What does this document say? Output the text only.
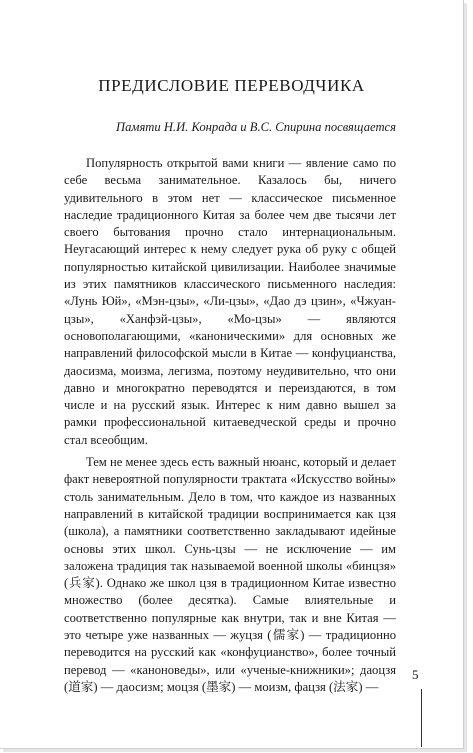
ПРЕДИСЛОВИЕ ПЕРЕВОДЧИКА

Памяти Н.И. Конрада и В.С. Спирина посвящается

Популярность открытой вами книги — явление само по себе весьма занимательное. Казалось бы, ничего удивительного в этом нет — классическое письменное наследие традиционного Китая за более чем две тысячи лет своего бытования прочно стало интернациональным. Неугасающий интерес к нему следует рука об руку с общей популярностью китайской цивилизации. Наиболее значимые из этих памятников классического письменного наследия: «Лунь Юй», «Мэн-цзы», «Ли-цзы», «Дао дэ цзин», «Чжуан-цзы», «Ханфэй-цзы», «Мо-цзы» — являются основополагающими, «каноническими» для основных же направлений философской мысли в Китае — конфуцианства, даосизма, моизма, легизма, поэтому неудивительно, что они давно и многократно переводятся и переиздаются, в том числе и на русский язык. Интерес к ним давно вышел за рамки профессиональной китаеведческой среды и прочно стал всеобщим.

Тем не менее здесь есть важный нюанс, который и делает факт невероятной популярности трактата «Искусство войны» столь занимательным. Дело в том, что каждое из названных направлений в китайской традиции воспринимается как цзя (школа), а памятники соответственно закладывают идейные основы этих школ. Сунь-цзы — не исключение — им заложена традиция так называемой военной школы «бинцзя» (兵家). Однако же школ цзя в традиционном Китае известно множество (более десятка). Самые влиятельные и соответственно популярные как внутри, так и вне Китая — это четыре уже названных — жуцзя (儒家) — традиционно переводится на русский как «конфуцианство», более точный перевод — «каноноведы», или «ученые-книжники»; даоцзя (道家) — даосизм; моцзя (墨家) — моизм, фацзя (法家) —

5
